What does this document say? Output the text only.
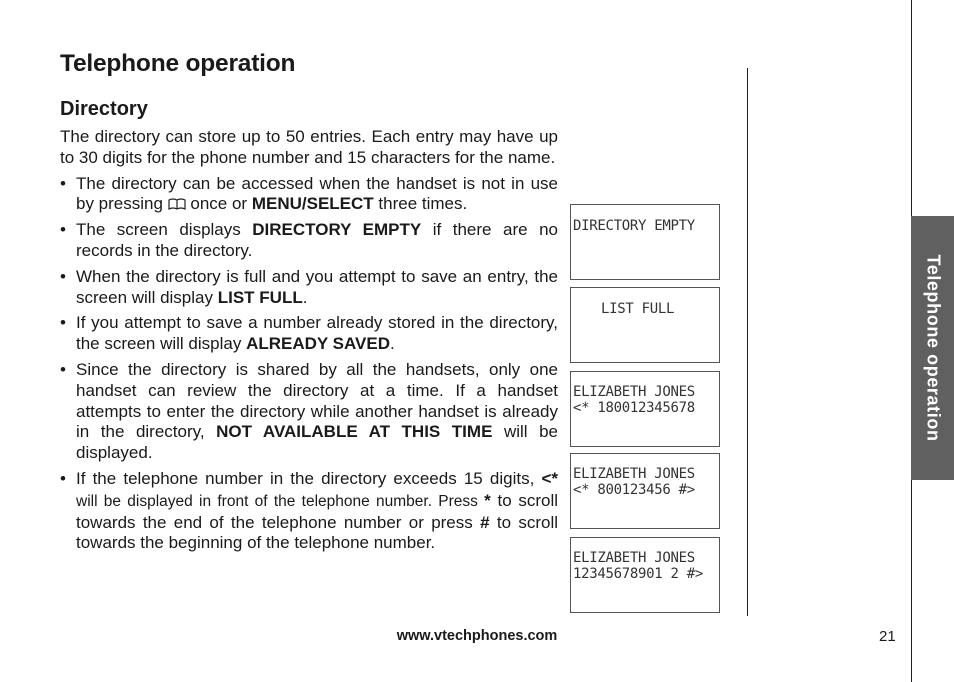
Telephone operation
Directory

The directory can store up to 50 entries. Each entry may have up to 30 digits for the phone number and 15 characters for the name.

• The directory can be accessed when the handset is not in use by pressing  once or MENU/SELECT three times.
• The screen displays DIRECTORY EMPTY if there are no records in the directory.
• When the directory is full and you attempt to save an entry, the screen will display LIST FULL.
• If you attempt to save a number already stored in the directory, the screen will display ALREADY SAVED.
• Since the directory is shared by all the handsets, only one handset can review the directory at a time. If a handset attempts to enter the directory while another handset is already in the directory, NOT AVAILABLE AT THIS TIME will be displayed.
• If the telephone number in the directory exceeds 15 digits, <* will be displayed in front of the telephone number. Press * to scroll towards the end of the telephone number or press # to scroll towards the beginning of the telephone number.
DIRECTORY EMPTY
LIST FULL
ELIZABETH JONES
<* 180012345678
ELIZABETH JONES
<* 800123456 #>
ELIZABETH JONES
12345678901 2 #>
Telephone operation
www.vtechphones.com	21
